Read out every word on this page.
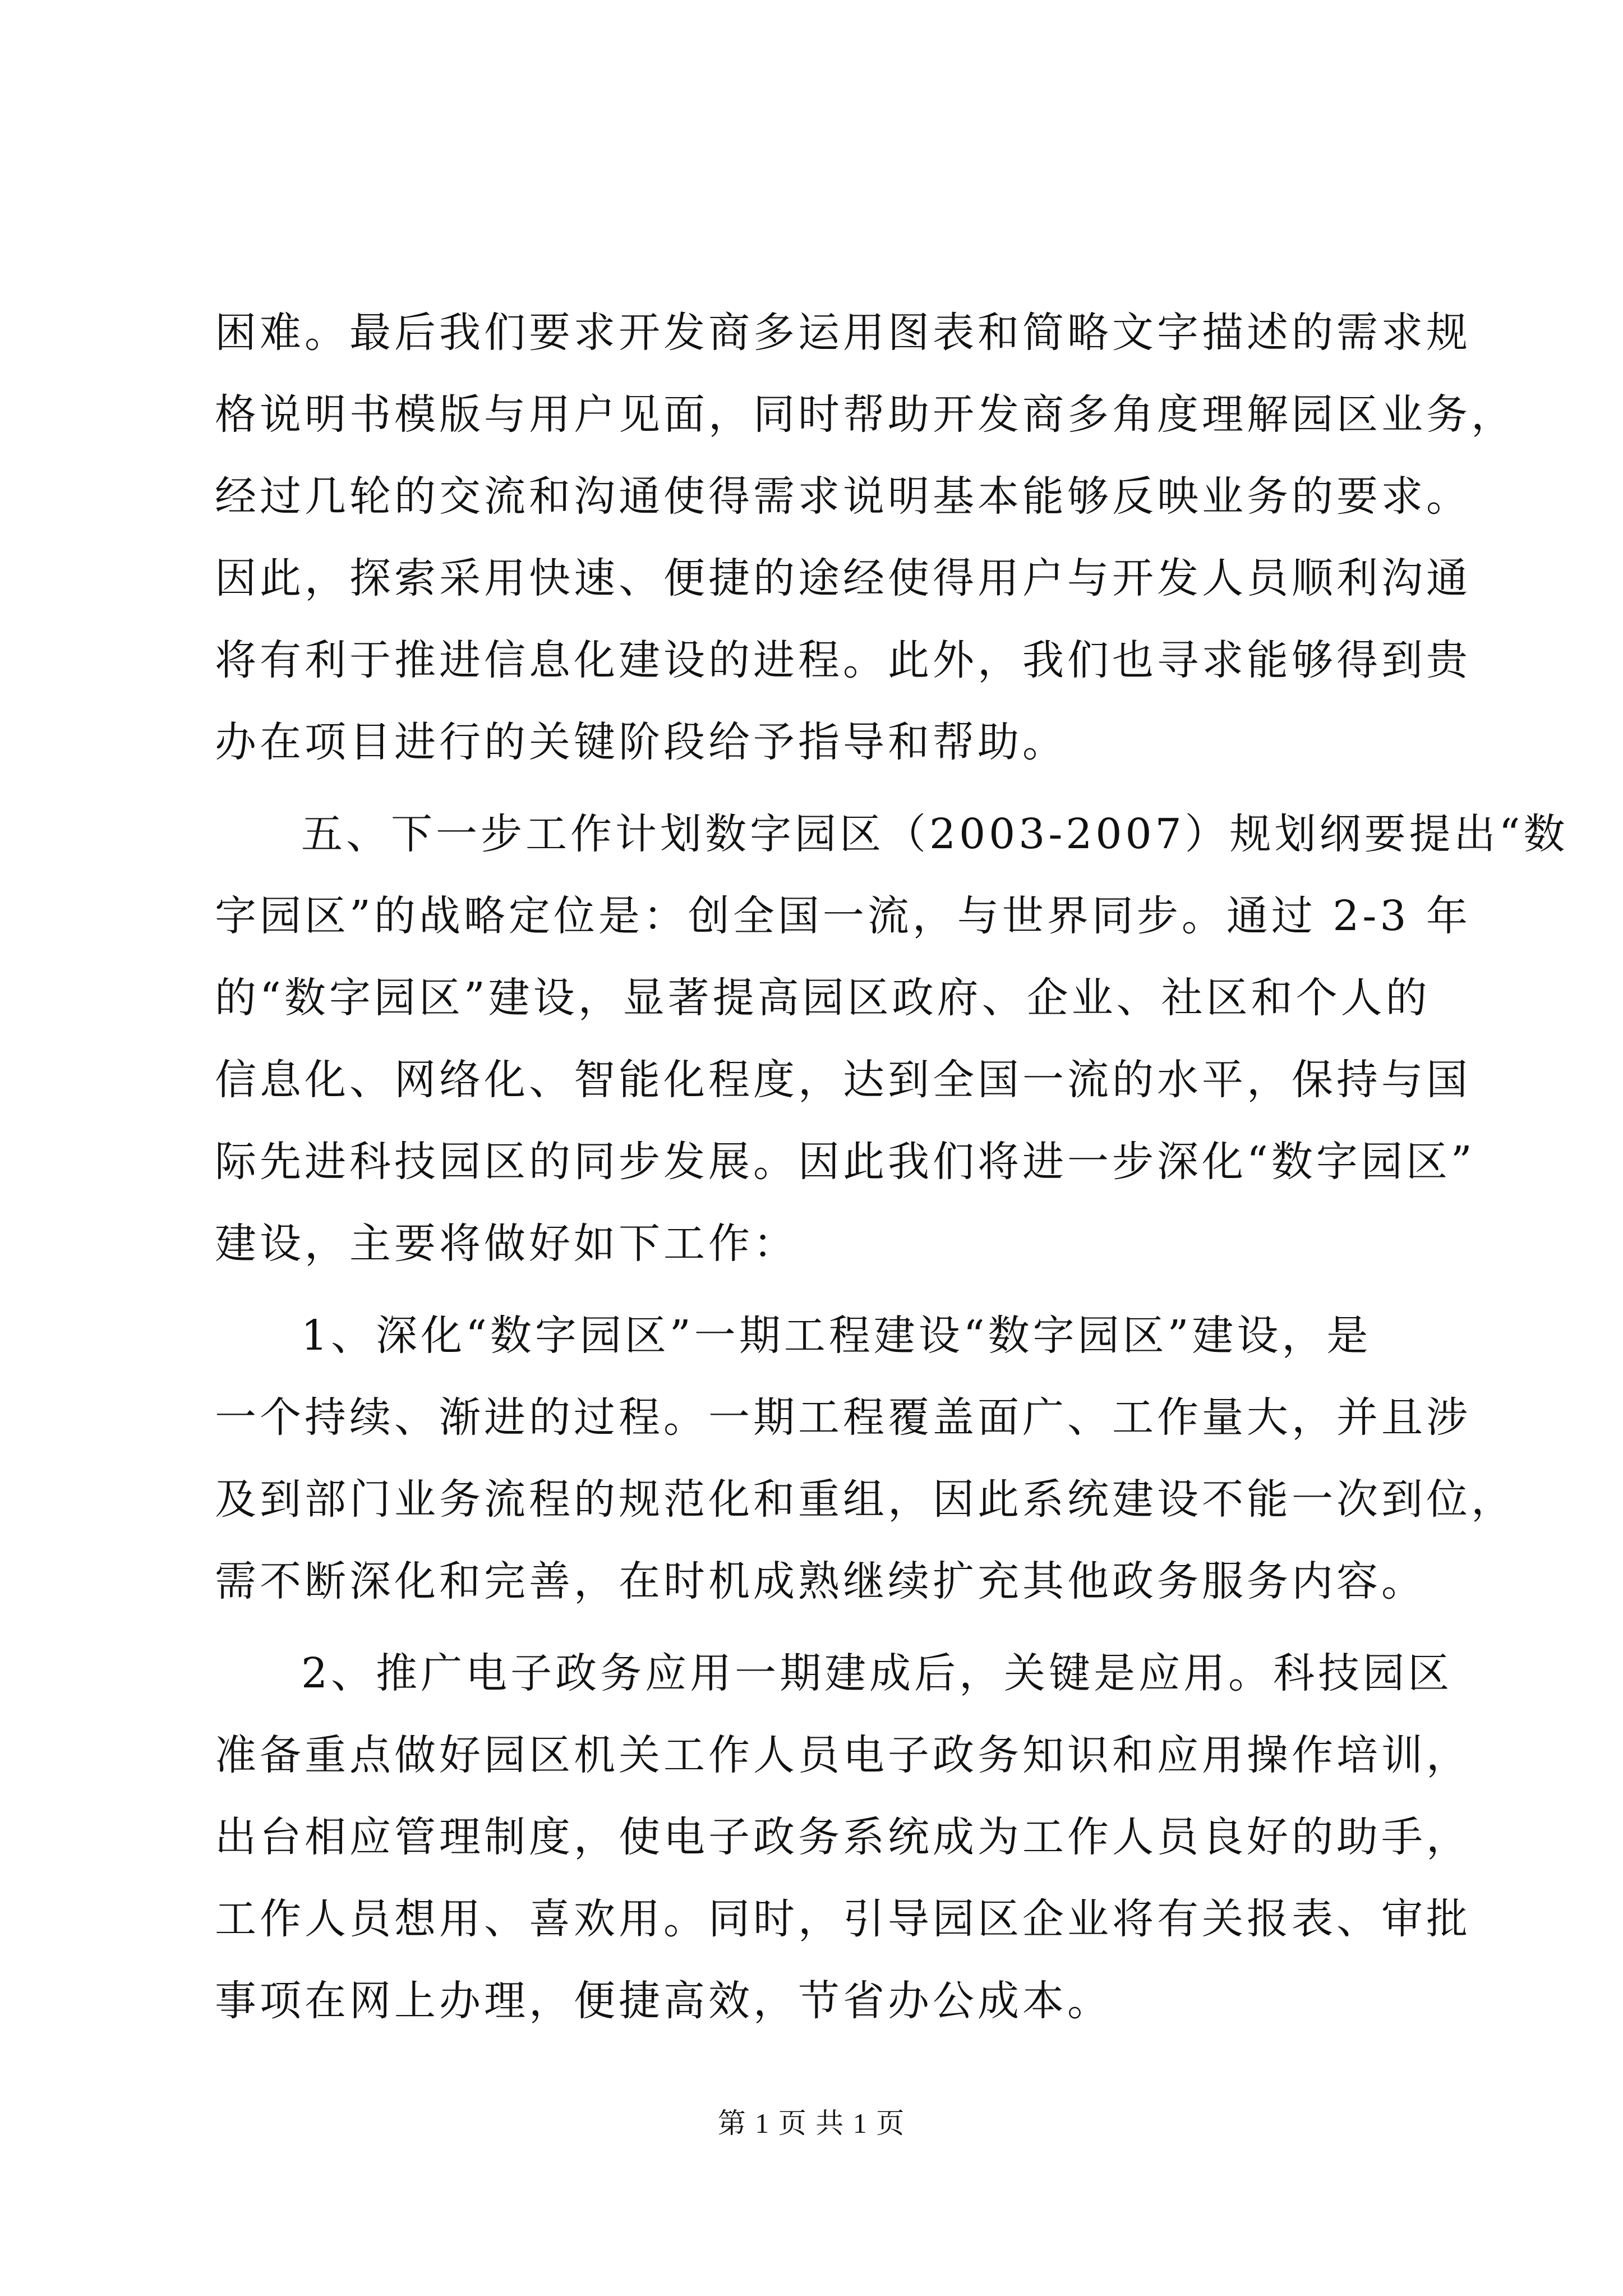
困难。最后我们要求开发商多运用图表和简略文字描述的需求规
格说明书模版与用户见面，同时帮助开发商多角度理解园区业务，
经过几轮的交流和沟通使得需求说明基本能够反映业务的要求。
因此，探索采用快速、便捷的途经使得用户与开发人员顺利沟通
将有利于推进信息化建设的进程。此外，我们也寻求能够得到贵
办在项目进行的关键阶段给予指导和帮助。
五、下一步工作计划数字园区（2003-2007）规划纲要提出“数
字园区”的战略定位是：创全国一流，与世界同步。通过 2-3 年
的“数字园区”建设，显著提高园区政府、企业、社区和个人的
信息化、网络化、智能化程度，达到全国一流的水平，保持与国
际先进科技园区的同步发展。因此我们将进一步深化“数字园区”
建设，主要将做好如下工作：
1、深化“数字园区”一期工程建设“数字园区”建设，是
一个持续、渐进的过程。一期工程覆盖面广、工作量大，并且涉
及到部门业务流程的规范化和重组，因此系统建设不能一次到位，
需不断深化和完善，在时机成熟继续扩充其他政务服务内容。
2、推广电子政务应用一期建成后，关键是应用。科技园区
准备重点做好园区机关工作人员电子政务知识和应用操作培训，
出台相应管理制度，使电子政务系统成为工作人员良好的助手，
工作人员想用、喜欢用。同时，引导园区企业将有关报表、审批
事项在网上办理，便捷高效，节省办公成本。
第 1 页 共 1 页
